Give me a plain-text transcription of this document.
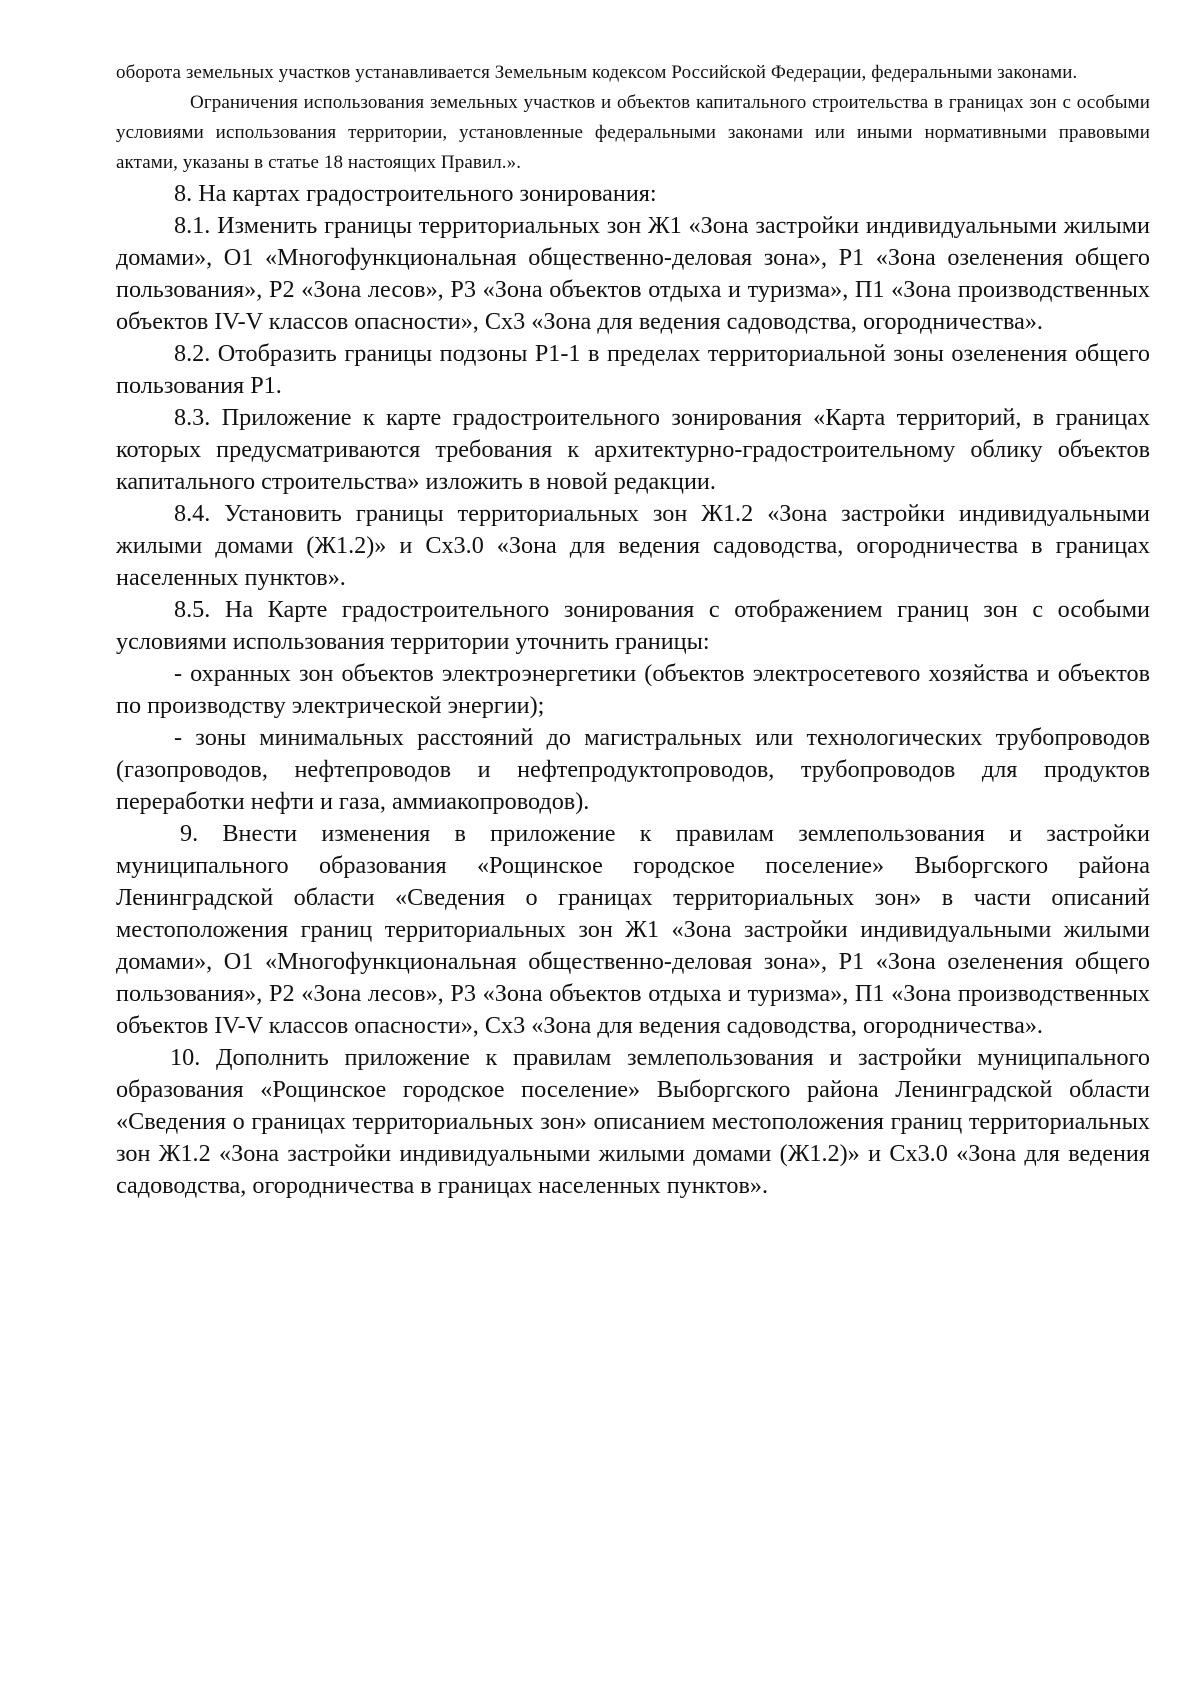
оборота земельных участков устанавливается Земельным кодексом Российской Федерации, федеральными законами.

Ограничения использования земельных участков и объектов капитального строительства в границах зон с особыми условиями использования территории, установленные федеральными законами или иными нормативными правовыми актами, указаны в статье 18 настоящих Правил.».

8. На картах градостроительного зонирования:

8.1. Изменить границы территориальных зон Ж1 «Зона застройки индивидуальными жилыми домами», О1 «Многофункциональная общественно-деловая зона», Р1 «Зона озеленения общего пользования», Р2 «Зона лесов», Р3 «Зона объектов отдыха и туризма», П1 «Зона производственных объектов IV-V классов опасности», Сх3 «Зона для ведения садоводства, огородничества».

8.2. Отобразить границы подзоны Р1-1 в пределах территориальной зоны озеленения общего пользования Р1.

8.3. Приложение к карте градостроительного зонирования «Карта территорий, в границах которых предусматриваются требования к архитектурно-градостроительному облику объектов капитального строительства» изложить в новой редакции.

8.4. Установить границы территориальных зон Ж1.2 «Зона застройки индивидуальными жилыми домами (Ж1.2)» и Сх3.0 «Зона для ведения садоводства, огородничества в границах населенных пунктов».

8.5. На Карте градостроительного зонирования с отображением границ зон с особыми условиями использования территории уточнить границы:

- охранных зон объектов электроэнергетики (объектов электросетевого хозяйства и объектов по производству электрической энергии);

- зоны минимальных расстояний до магистральных или технологических трубопроводов (газопроводов, нефтепроводов и нефтепродуктопроводов, трубопроводов для продуктов переработки нефти и газа, аммиакопроводов).

9. Внести изменения в приложение к правилам землепользования и застройки муниципального образования «Рощинское городское поселение» Выборгского района Ленинградской области «Сведения о границах территориальных зон» в части описаний местоположения границ территориальных зон Ж1 «Зона застройки индивидуальными жилыми домами», О1 «Многофункциональная общественно-деловая зона», Р1 «Зона озеленения общего пользования», Р2 «Зона лесов», Р3 «Зона объектов отдыха и туризма», П1 «Зона производственных объектов IV-V классов опасности», Сх3 «Зона для ведения садоводства, огородничества».

10. Дополнить приложение к правилам землепользования и застройки муниципального образования «Рощинское городское поселение» Выборгского района Ленинградской области «Сведения о границах территориальных зон» описанием местоположения границ территориальных зон Ж1.2 «Зона застройки индивидуальными жилыми домами (Ж1.2)» и Сх3.0 «Зона для ведения садоводства, огородничества в границах населенных пунктов».
